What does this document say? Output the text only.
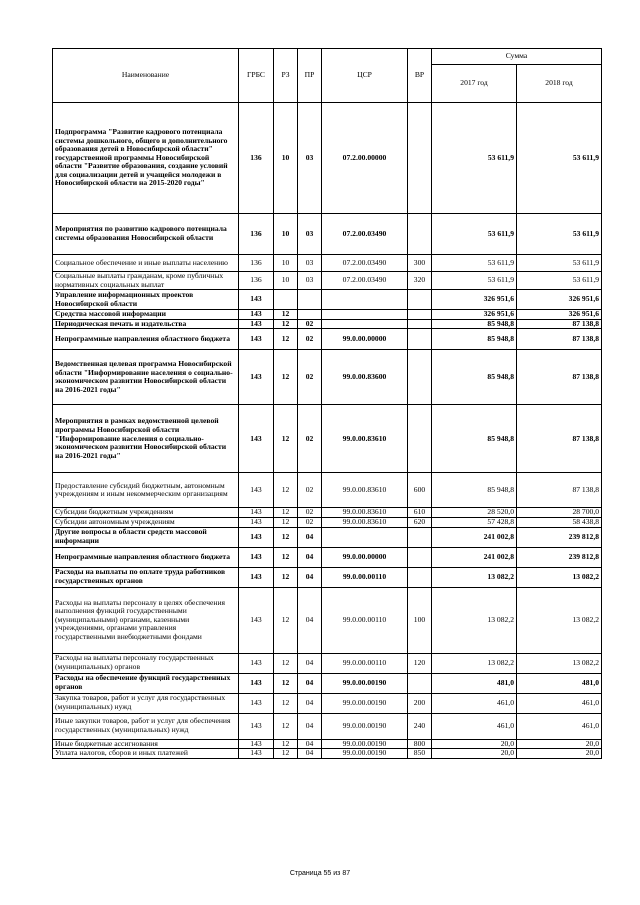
Наименование	ГРБС	РЗ	ПР	ЦСР	ВР	Сумма	
						2017 год	2018 год
Подпрограмма "Развитие кадрового потенциала системы дошкольного, общего и дополнительного образования детей в Новосибирской области" государственной программы Новосибирской области "Развитие образования, создание условий для социализации детей и учащейся молодежи в Новосибирской области на 2015-2020 годы"	136	10	03	07.2.00.00000		53 611,9	53 611,9
Мероприятия по развитию кадрового потенциала системы образования Новосибирской области	136	10	03	07.2.00.03490		53 611,9	53 611,9
Социальное обеспечение и иные выплаты населению	136	10	03	07.2.00.03490	300	53 611,9	53 611,9
Социальные выплаты гражданам, кроме публичных нормативных социальных выплат	136	10	03	07.2.00.03490	320	53 611,9	53 611,9
Управление информационных проектов Новосибирской области	143					326 951,6	326 951,6
Средства массовой информации	143	12				326 951,6	326 951,6
Периодическая печать и издательства	143	12	02			85 948,8	87 138,8
Непрограммные направления областного бюджета	143	12	02	99.0.00.00000		85 948,8	87 138,8
Ведомственная целевая программа Новосибирской области "Информирование населения о социально-экономическом развитии Новосибирской области на 2016-2021 годы"	143	12	02	99.0.00.83600		85 948,8	87 138,8
Мероприятия в рамках ведомственной целевой программы Новосибирской области "Информирование населения о социально-экономическом развитии Новосибирской области на 2016-2021 годы"	143	12	02	99.0.00.83610		85 948,8	87 138,8
Предоставление субсидий бюджетным, автономным учреждениям и иным некоммерческим организациям	143	12	02	99.0.00.83610	600	85 948,8	87 138,8
Субсидии бюджетным учреждениям	143	12	02	99.0.00.83610	610	28 520,0	28 700,0
Субсидии автономным учреждениям	143	12	02	99.0.00.83610	620	57 428,8	58 438,8
Другие вопросы в области средств массовой информации	143	12	04			241 002,8	239 812,8
Непрограммные направления областного бюджета	143	12	04	99.0.00.00000		241 002,8	239 812,8
Расходы на выплаты по оплате труда работников государственных органов	143	12	04	99.0.00.00110		13 082,2	13 082,2
Расходы на выплаты персоналу в целях обеспечения выполнения функций государственными (муниципальными) органами, казенными учреждениями, органами управления государственными внебюджетными фондами	143	12	04	99.0.00.00110	100	13 082,2	13 082,2
Расходы на выплаты персоналу государственных (муниципальных) органов	143	12	04	99.0.00.00110	120	13 082,2	13 082,2
Расходы на обеспечение функций государственных органов	143	12	04	99.0.00.00190		481,0	481,0
Закупка товаров, работ и услуг для государственных (муниципальных) нужд	143	12	04	99.0.00.00190	200	461,0	461,0
Иные закупки товаров, работ и услуг для обеспечения государственных (муниципальных) нужд	143	12	04	99.0.00.00190	240	461,0	461,0
Иные бюджетные ассигнования	143	12	04	99.0.00.00190	800	20,0	20,0
Уплата налогов, сборов и иных платежей	143	12	04	99.0.00.00190	850	20,0	20,0
Страница 55 из 87
